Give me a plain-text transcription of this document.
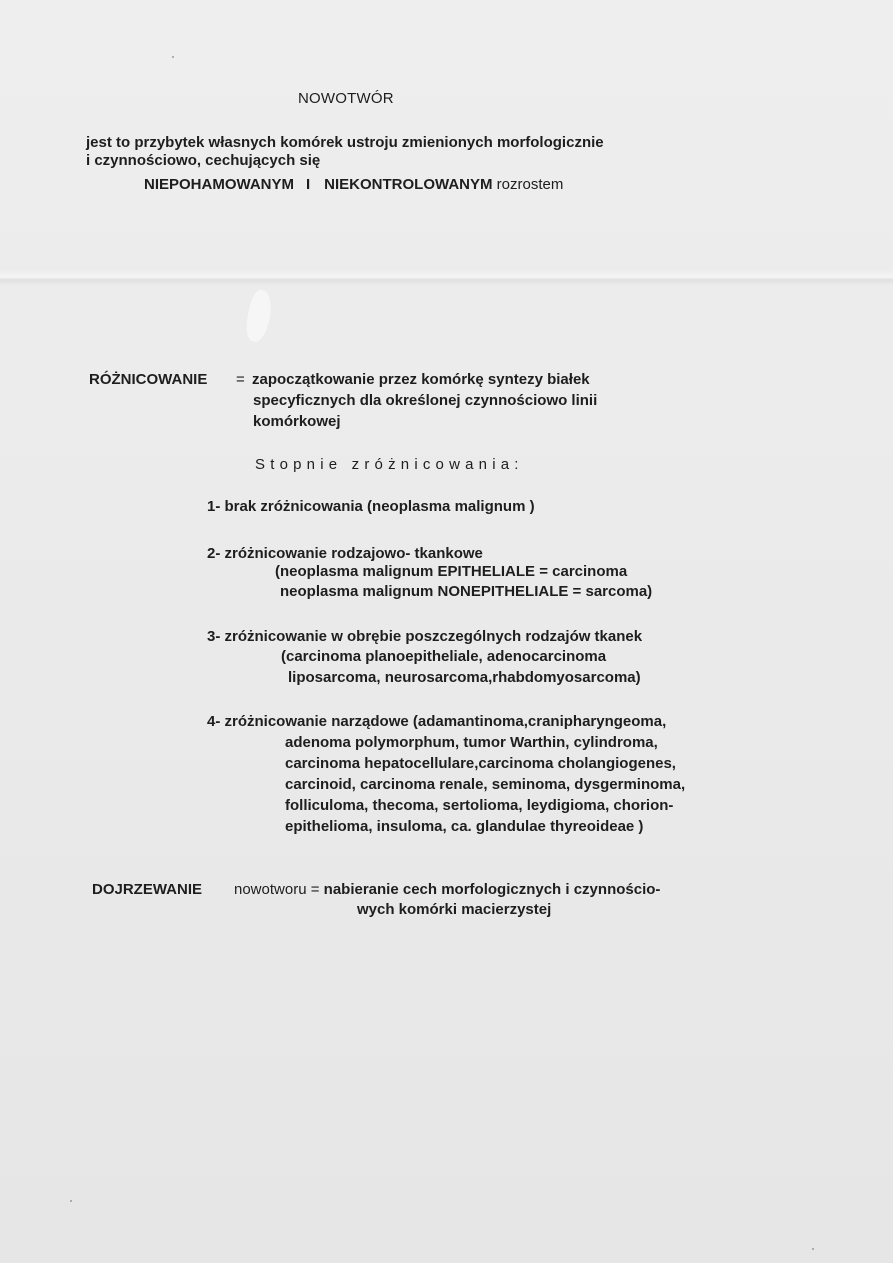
NOWOTWÓR
jest to przybytek własnych komórek ustroju zmienionych morfologicznie
i czynnościowo, cechujących się
NIEPOHAMOWANYM I NIEKONTROLOWANYM rozrostem
RÓŻNICOWANIE = zapoczątkowanie przez komórkę syntezy białek
specyficznych dla określonej czynnościowo linii
komórkowej
Stopnie zróżnicowania:
1- brak zróżnicowania (neoplasma malignum )
2- zróżnicowanie rodzajowo- tkankowe
(neoplasma malignum EPITHELIALE = carcinoma
neoplasma malignum NONEPITHELIALE = sarcoma)
3- zróżnicowanie w obrębie poszczególnych rodzajów tkanek
(carcinoma planoepitheliale, adenocarcinoma
liposarcoma, neurosarcoma,rhabdomyosarcoma)
4- zróżnicowanie narządowe (adamantinoma,cranipharyngeoma,
adenoma polymorphum, tumor Warthin, cylindroma,
carcinoma hepatocellulare,carcinoma cholangiogenes,
carcinoid, carcinoma renale, seminoma, dysgerminoma,
folliculoma, thecoma, sertolioma, leydigioma, chorion-
epithelioma, insuloma, ca. glandulae thyreoideae )
DOJRZEWANIE nowotworu = nabieranie cech morfologicznych i czynnościo-
wych komórki macierzystej
